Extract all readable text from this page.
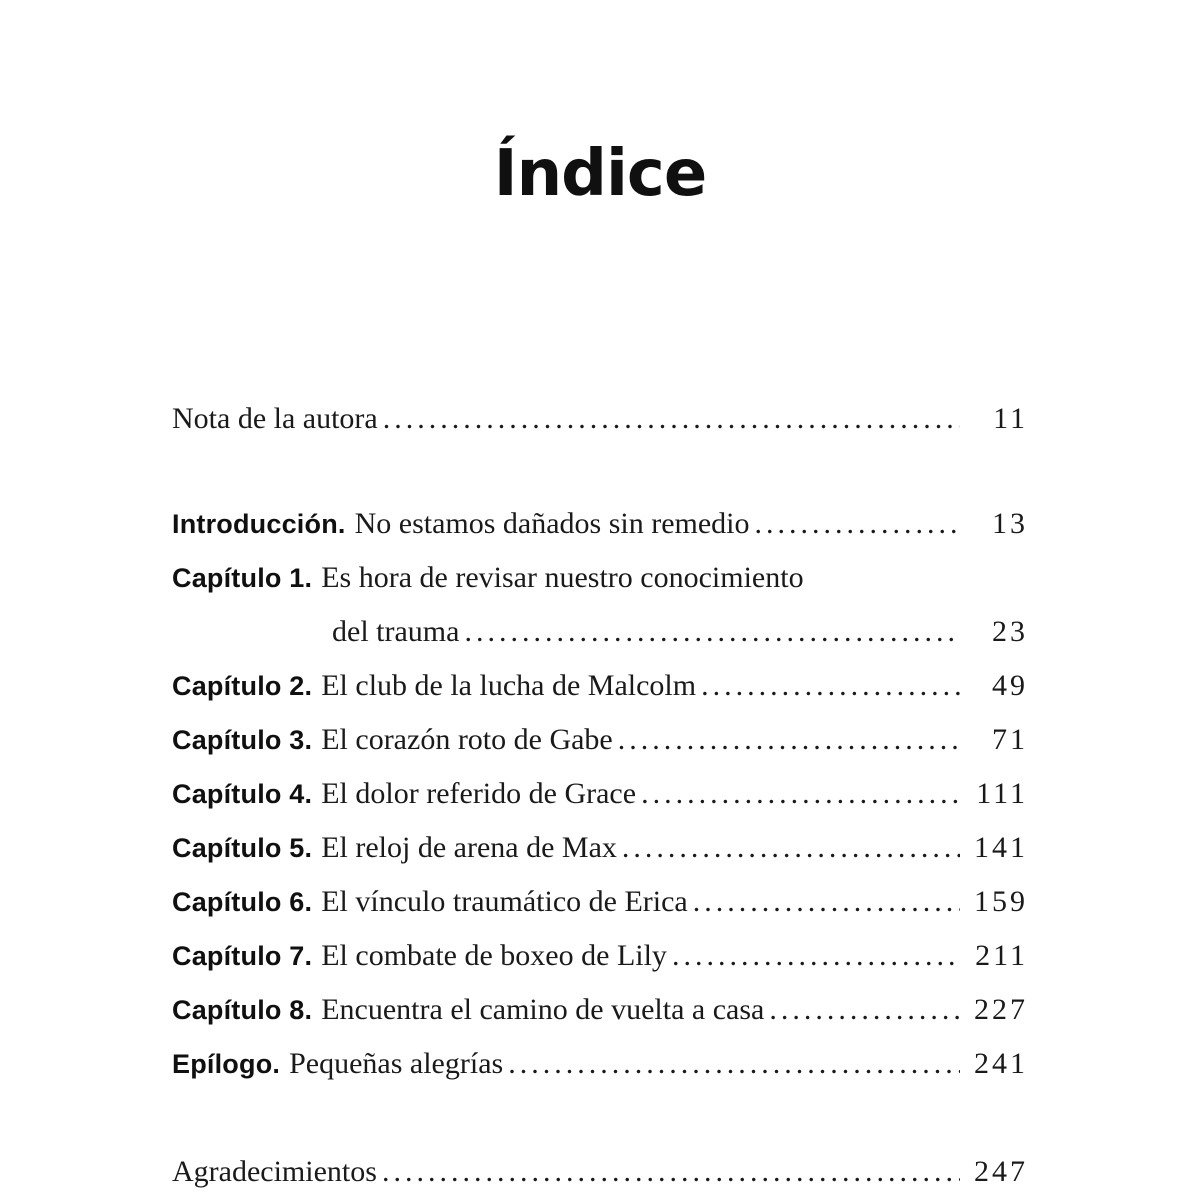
Índice
Nota de la autora .....	11
Introducción. No estamos dañados sin remedio .....	13
Capítulo 1. Es hora de revisar nuestro conocimiento
del trauma .....	23
Capítulo 2. El club de la lucha de Malcolm .....	49
Capítulo 3. El corazón roto de Gabe .....	71
Capítulo 4. El dolor referido de Grace .....	111
Capítulo 5. El reloj de arena de Max .....	141
Capítulo 6. El vínculo traumático de Erica .....	159
Capítulo 7. El combate de boxeo de Lily .....	211
Capítulo 8. Encuentra el camino de vuelta a casa .....	227
Epílogo. Pequeñas alegrías .....	241
Agradecimientos .....	247
